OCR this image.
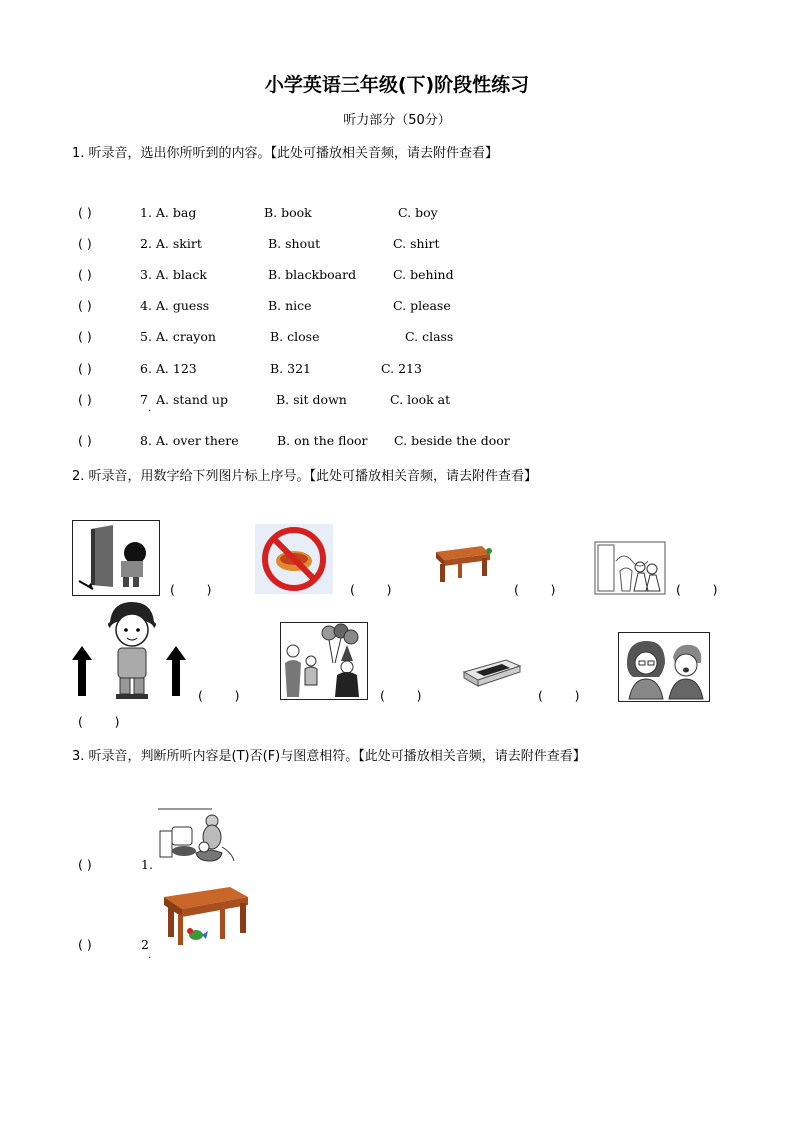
小学英语三年级(下)阶段性练习
听力部分（50分）
1. 听录音，选出你所听到的内容。【此处可播放相关音频，请去附件查看】
( )	1. A. bag	B. book	C. boy
( )	2. A. skirt	B. shout	C. shirt
( )	3. A. black	B. blackboard	C. behind
( )	4. A. guess	B. nice	C. please
( )	5. A. crayon	B. close	C. class
( )	6. A. 123	B. 321	C. 213
( )	7 A. stand up	B. sit down	C. look at
.
( )	8. A. over there	B. on the floor C. beside the door
2. 听录音，用数字给下列图片标上序号。【此处可播放相关音频，请去附件查看】
(        )	(        )	(        )	(        )
(        )	(        )	(        )
(        )
3. 听录音，判断所听内容是(T)否(F)与图意相符。【此处可播放相关音频，请去附件查看】
( )	1.
( )	2
.
